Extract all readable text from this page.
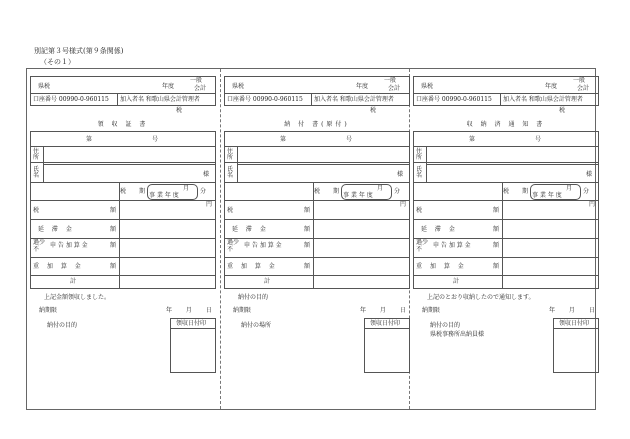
別記第３号様式(第９条関係)
（その１）
県税	年度
一般
会計
口座番号 00990-0-960115 加入者名 和歌山県会計管理者
税
領 収 証 書
第	号
住所
氏名	様
税 期	月
事 業 年 度
分
円
税	額
延 滞 金	額
過少
不
申 告 加 算 金	額
重 加 算 金	額
計
上記金額領収しました。
納期限	年 月 日
納付の目的	領収日付印
県税	年度
一般
会計
口座番号 00990-0-960115 加入者名 和歌山県会計管理者
税
納 付 書(原付)
第	号
住所
氏名	様
税 期	月
事 業 年 度
分
円
税	額
延 滞 金	額
過少
不
申 告 加 算 金	額
重 加 算 金	額
計
納付の目的
納期限	年 月 日
納付の場所	領収日付印
県税	年度
一般
会計
口座番号 00990-0-960115 加入者名 和歌山県会計管理者
税
収 納 済 通 知 書
第	号
住所
氏名	様
税 期	月
事 業 年 度
分
円
税	額
延 滞 金	額
過少
不
申 告 加 算 金	額
重 加 算 金	額
計
上記のとおり収納したので通知します。
納期限	年 月 日
納付の目的
県税事務所出納員様
領収日付印
